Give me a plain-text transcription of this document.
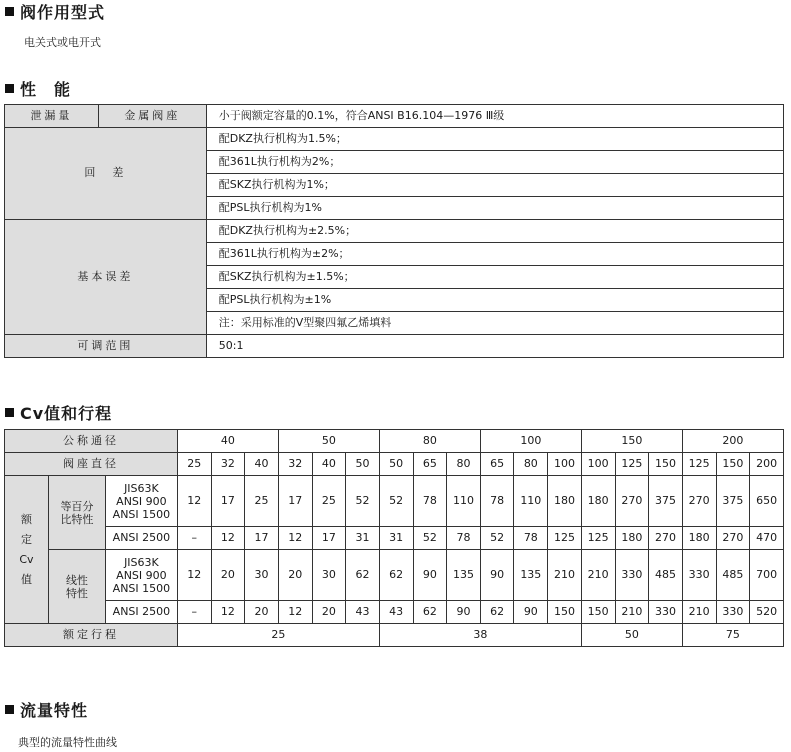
阀作用型式
电关式或电开式
性　能
泄漏量	金属阀座	小于阀额定容量的0.1%，符合ANSI B16.104—1976 Ⅲ级
回　差		配DKZ执行机构为1.5%；
		配361L执行机构为2%；
		配SKZ执行机构为1%；
		配PSL执行机构为1%
基本误差		配DKZ执行机构为±2.5%；
		配361L执行机构为±2%；
		配SKZ执行机构为±1.5%；
		配PSL执行机构为±1%
		注：采用标准的V型聚四氟乙烯填料
可调范围		50:1
Cv值和行程
公称通径			40			50			80			100			150			200		
阀座直径			25	32	40	32	40	50	50	65	80	65	80	100	100	125	150	125	150	200

额
定
Cv
值	等百分
比特性	JIS63K
ANSI 900
ANSI 1500	12	17	25	17	25	52	52	78	110	78	110	180	180	270	375	270	375	650
		ANSI 2500	–	12	17	12	17	31	31	52	78	52	78	125	125	180	270	180	270	470

	线性
特性	JIS63K
ANSI 900
ANSI 1500	12	20	30	20	30	62	62	90	135	90	135	210	210	330	485	330	485	700
		ANSI 2500	–	12	20	12	20	43	43	62	90	62	90	150	150	210	330	210	330	520
额定行程			25						38						50			75		
流量特性
典型的流量特性曲线
